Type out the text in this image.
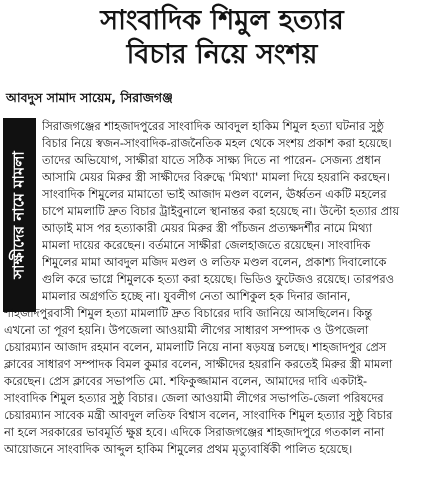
সাংবাদিক শিমুল হত্যার
বিচার নিয়ে সংশয়
আবদুস সামাদ সায়েম, সিরাজগঞ্জ
সাক্ষীদের নামে মামলা
সিরাজগঞ্জের শাহজাদপুরের সাংবাদিক আবদুল হাকিম শিমুল হত্যা ঘটনার সুষ্ঠু
বিচার নিয়ে স্বজন-সাংবাদিক-রাজনৈতিক মহল থেকে সংশয় প্রকাশ করা হয়েছে।
তাদের অভিযোগ, সাক্ষীরা যাতে সঠিক সাক্ষ্য দিতে না পারেন- সেজন্য প্রধান
আসামি মেয়র মিরুর স্ত্রী সাক্ষীদের বিরুদ্ধে 'মিথ্যা' মামলা দিয়ে হয়রানি করছেন।
সাংবাদিক শিমুলের মামাতো ভাই আজাদ মণ্ডল বলেন, ঊর্ধ্বতন একটি মহলের
চাপে মামলাটি দ্রুত বিচার ট্রাইবুনালে স্থানান্তর করা হয়েছে না। উল্টো হত্যার প্রায়
আড়াই মাস পর হত্যাকারী মেয়র মিরুর স্ত্রী পাঁচজন প্রত্যক্ষদর্শীর নামে মিথ্যা
মামলা দায়ের করেছেন। বর্তমানে সাক্ষীরা জেলহাজতে রয়েছেন। সাংবাদিক
শিমুলের মামা আবদুল মজিদ মণ্ডল ও লতিফ মণ্ডল বলেন, প্রকাশ্য দিবালোকে
গুলি করে ভাগ্নে শিমুলকে হত্যা করা হয়েছে। ভিডিও ফুটেজও রয়েছে। তারপরও
মামলার অগ্রগতি হচ্ছে না। যুবলীগ নেতা আশিকুল হক দিনার জানান,
শাহজাদপুরবাসী শিমুল হত্যা মামলাটি দ্রুত বিচারের দাবি জানিয়ে আসছিলেন। কিন্তু
এখনো তা পূরণ হয়নি। উপজেলা আওয়ামী লীগের সাধারণ সম্পাদক ও উপজেলা
চেয়ারম্যান আজাদ রহমান বলেন, মামলাটি নিয়ে নানা ষড়যন্ত্র চলছে। শাহজাদপুর প্রেস
ক্লাবের সাধারণ সম্পাদক বিমল কুমার বলেন, সাক্ষীদের হয়রানি করতেই মিরুর স্ত্রী মামলা
করেছেন। প্রেস ক্লাবের সভাপতি মো. শফিকুজ্জামান বলেন, আমাদের দাবি একটাই-
সাংবাদিক শিমুল হত্যার সুষ্ঠু বিচার। জেলা আওয়ামী লীগের সভাপতি-জেলা পরিষদের
চেয়ারম্যান সাবেক মন্ত্রী আবদুল লতিফ বিশ্বাস বলেন, সাংবাদিক শিমুল হত্যার সুষ্ঠু বিচার
না হলে সরকারের ভাবমূর্তি ক্ষুণ্ণ হবে। এদিকে সিরাজগঞ্জের শাহজাদপুরে গতকাল নানা
আয়োজনে সাংবাদিক আব্দুল হাকিম শিমুলের প্রথম মৃত্যুবার্ষিকী পালিত হয়েছে।
